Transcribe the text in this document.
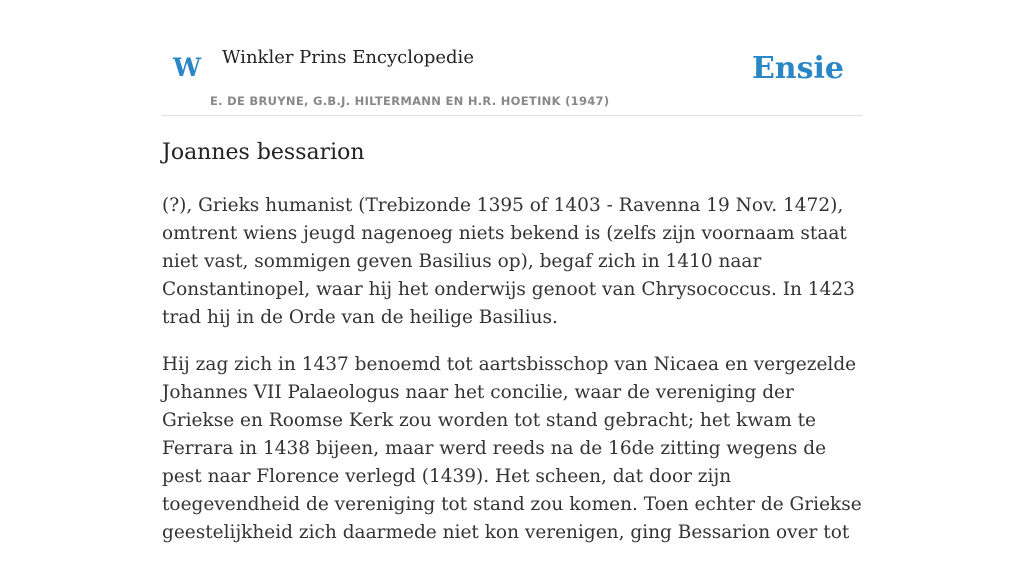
W Winkler Prins Encyclopedie
E. DE BRUYNE, G.B.J. HILTERMANN EN H.R. HOETINK (1947)
Ensie
Joannes bessarion

(?), Grieks humanist (Trebizonde 1395 of 1403 - Ravenna 19 Nov. 1472), omtrent wiens jeugd nagenoeg niets bekend is (zelfs zijn voornaam staat niet vast, sommigen geven Basilius op), begaf zich in 1410 naar Constantinopel, waar hij het onderwijs genoot van Chrysococcus. In 1423 trad hij in de Orde van de heilige Basilius.

Hij zag zich in 1437 benoemd tot aartsbisschop van Nicaea en vergezelde Johannes VII Palaeologus naar het concilie, waar de vereniging der Griekse en Roomse Kerk zou worden tot stand gebracht; het kwam te Ferrara in 1438 bijeen, maar werd reeds na de 16de zitting wegens de pest naar Florence verlegd (1439). Het scheen, dat door zijn toegevendheid de vereniging tot stand zou komen. Toen echter de Griekse geestelijkheid zich daarmede niet kon verenigen, ging Bessarion over tot
